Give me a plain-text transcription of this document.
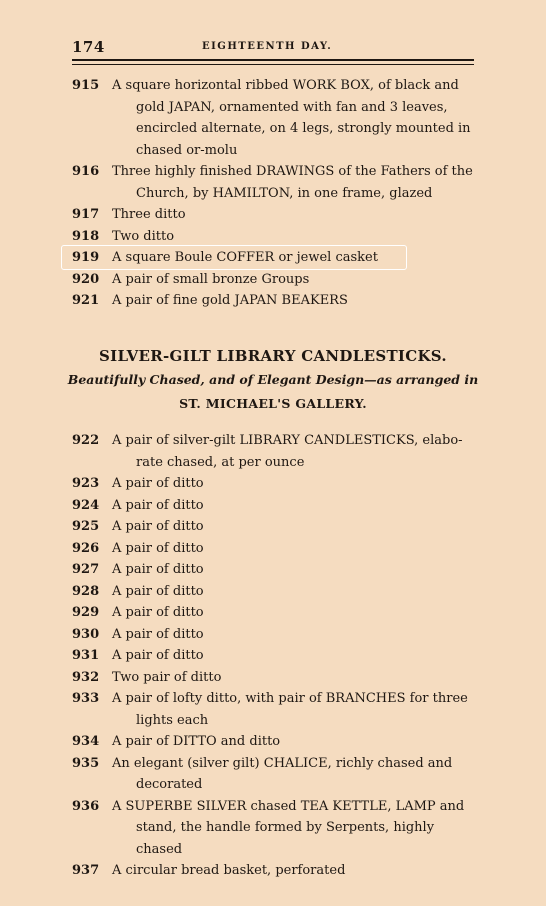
174	EIGHTEENTH DAY.
915 A square horizontal ribbed WORK BOX, of black and
gold JAPAN, ornamented with fan and 3 leaves,
encircled alternate, on 4 legs, strongly mounted in
chased or-molu
916 Three highly finished DRAWINGS of the Fathers of the
Church, by HAMILTON, in one frame, glazed
917 Three ditto
918 Two ditto
919 A square Boule COFFER or jewel casket
920 A pair of small bronze Groups
921 A pair of fine gold JAPAN BEAKERS
SILVER-GILT LIBRARY CANDLESTICKS.
Beautifully Chased, and of Elegant Design—as arranged in
ST. MICHAEL'S GALLERY.
922 A pair of silver-gilt LIBRARY CANDLESTICKS, elabo-
rate chased, at per ounce
923 A pair of ditto
924 A pair of ditto
925 A pair of ditto
926 A pair of ditto
927 A pair of ditto
928 A pair of ditto
929 A pair of ditto
930 A pair of ditto
931 A pair of ditto
932 Two pair of ditto
933 A pair of lofty ditto, with pair of BRANCHES for three
lights each
934 A pair of DITTO and ditto
935 An elegant (silver gilt) CHALICE, richly chased and
decorated
936 A SUPERBE SILVER chased TEA KETTLE, LAMP and
stand, the handle formed by Serpents, highly chased
937 A circular bread basket, perforated
